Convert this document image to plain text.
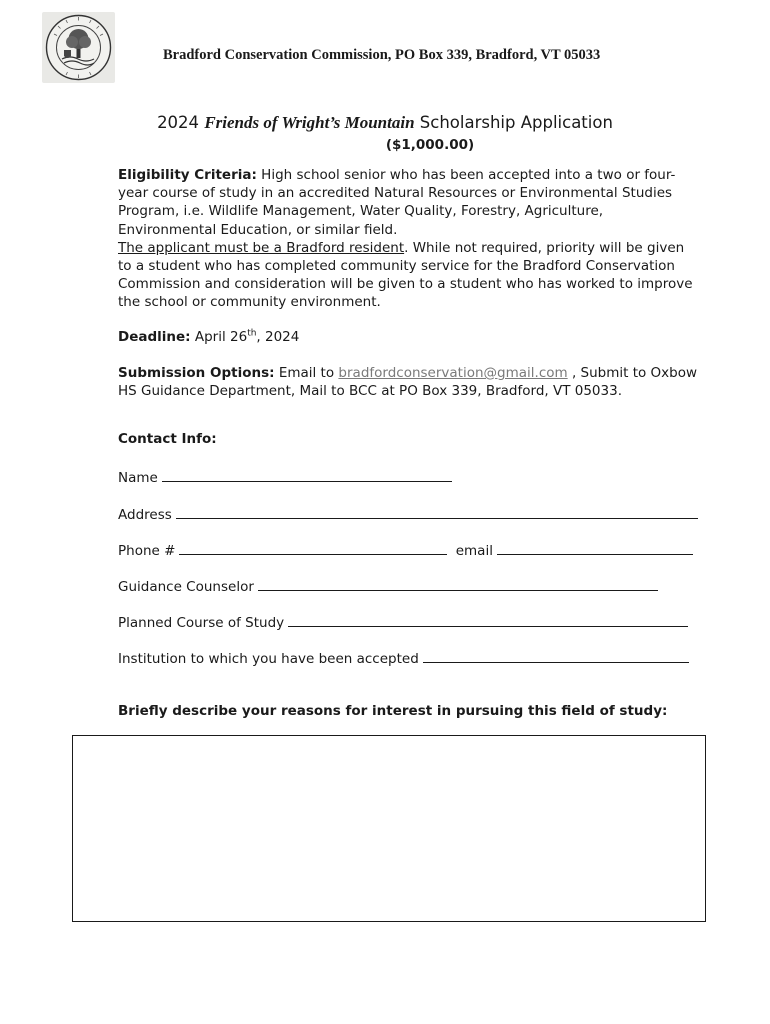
Bradford Conservation Commission, PO Box 339, Bradford, VT 05033
2024 Friends of Wright’s Mountain Scholarship Application
($1,000.00)
Eligibility Criteria: High school senior who has been accepted into a two or four-
year course of study in an accredited Natural Resources or Environmental Studies
Program, i.e. Wildlife Management, Water Quality, Forestry, Agriculture,
Environmental Education, or similar field.
The applicant must be a Bradford resident. While not required, priority will be given
to a student who has completed community service for the Bradford Conservation
Commission and consideration will be given to a student who has worked to improve
the school or community environment.
Deadline: April 26th, 2024
Submission Options: Email to bradfordconservation@gmail.com , Submit to Oxbow
HS Guidance Department, Mail to BCC at PO Box 339, Bradford, VT 05033.
Contact Info:
Name
Address
Phone #	email
Guidance Counselor
Planned Course of Study
Institution to which you have been accepted
Briefly describe your reasons for interest in pursuing this field of study:
